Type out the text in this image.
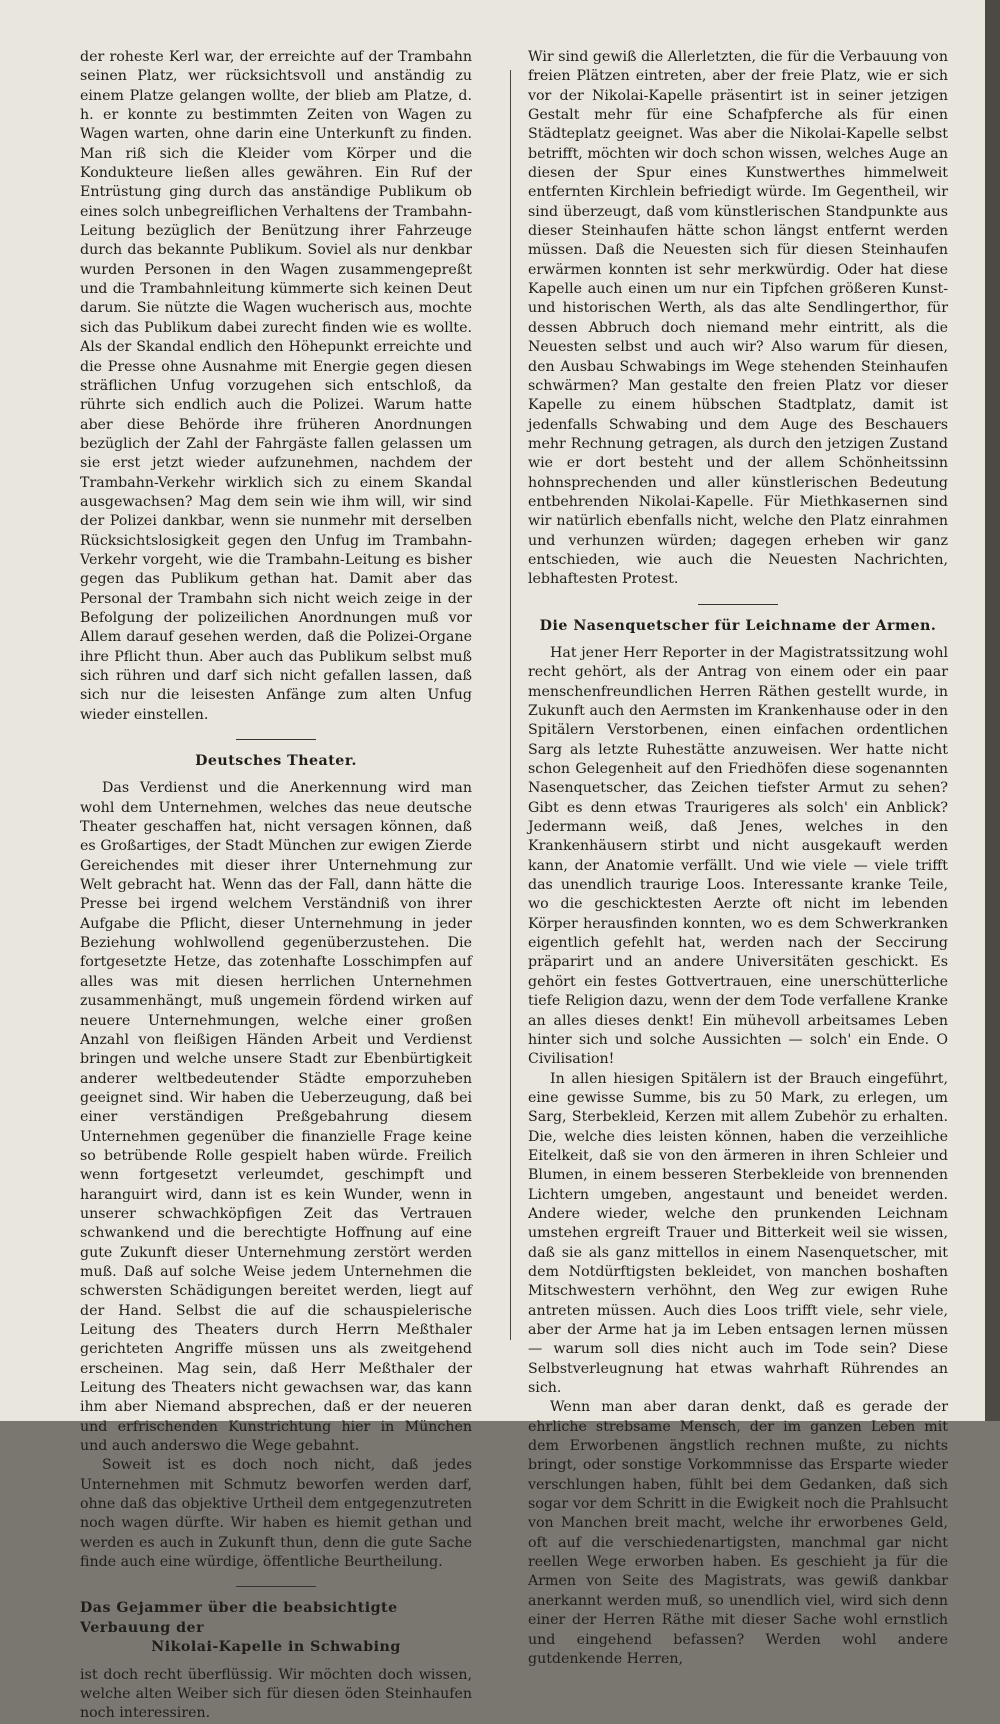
der roheste Kerl war, der erreichte auf der Trambahn seinen Platz, wer rücksichtsvoll und anständig zu einem Platze gelangen wollte, der blieb am Platze, d. h. er konnte zu bestimmten Zeiten von Wagen zu Wagen warten, ohne darin eine Unterkunft zu finden. Man riß sich die Kleider vom Körper und die Kondukteure ließen alles gewähren. Ein Ruf der Entrüstung ging durch das anständige Publikum ob eines solch unbegreiflichen Verhaltens der Trambahn-Leitung bezüglich der Benützung ihrer Fahrzeuge durch das bekannte Publikum. Soviel als nur denkbar wurden Personen in den Wagen zusammengepreßt und die Trambahnleitung kümmerte sich keinen Deut darum. Sie nützte die Wagen wucherisch aus, mochte sich das Publikum dabei zurecht finden wie es wollte. Als der Skandal endlich den Höhepunkt erreichte und die Presse ohne Ausnahme mit Energie gegen diesen sträflichen Unfug vorzugehen sich entschloß, da rührte sich endlich auch die Polizei. Warum hatte aber diese Behörde ihre früheren Anordnungen bezüglich der Zahl der Fahrgäste fallen gelassen um sie erst jetzt wieder aufzunehmen, nachdem der Trambahn-Verkehr wirklich sich zu einem Skandal ausgewachsen? Mag dem sein wie ihm will, wir sind der Polizei dankbar, wenn sie nunmehr mit derselben Rücksichtslosigkeit gegen den Unfug im Trambahn-Verkehr vorgeht, wie die Trambahn-Leitung es bisher gegen das Publikum gethan hat. Damit aber das Personal der Trambahn sich nicht weich zeige in der Befolgung der polizeilichen Anordnungen muß vor Allem darauf gesehen werden, daß die Polizei-Organe ihre Pflicht thun. Aber auch das Publikum selbst muß sich rühren und darf sich nicht gefallen lassen, daß sich nur die leisesten Anfänge zum alten Unfug wieder einstellen.

Deutsches Theater.

Das Verdienst und die Anerkennung wird man wohl dem Unternehmen, welches das neue deutsche Theater geschaffen hat, nicht versagen können, daß es Großartiges, der Stadt München zur ewigen Zierde Gereichendes mit dieser ihrer Unternehmung zur Welt gebracht hat. Wenn das der Fall, dann hätte die Presse bei irgend welchem Verständniß von ihrer Aufgabe die Pflicht, dieser Unternehmung in jeder Beziehung wohlwollend gegenüberzustehen. Die fortgesetzte Hetze, das zotenhafte Losschimpfen auf alles was mit diesen herrlichen Unternehmen zusammenhängt, muß ungemein fördend wirken auf neuere Unternehmungen, welche einer großen Anzahl von fleißigen Händen Arbeit und Verdienst bringen und welche unsere Stadt zur Ebenbürtigkeit anderer weltbedeutender Städte emporzuheben geeignet sind. Wir haben die Ueberzeugung, daß bei einer verständigen Preßgebahrung diesem Unternehmen gegenüber die finanzielle Frage keine so betrübende Rolle gespielt haben würde. Freilich wenn fortgesetzt verleumdet, geschimpft und haranguirt wird, dann ist es kein Wunder, wenn in unserer schwachköpfigen Zeit das Vertrauen schwankend und die berechtigte Hoffnung auf eine gute Zukunft dieser Unternehmung zerstört werden muß. Daß auf solche Weise jedem Unternehmen die schwersten Schädigungen bereitet werden, liegt auf der Hand. Selbst die auf die schauspielerische Leitung des Theaters durch Herrn Meßthaler gerichteten Angriffe müssen uns als zweitgehend erscheinen. Mag sein, daß Herr Meßthaler der Leitung des Theaters nicht gewachsen war, das kann ihm aber Niemand absprechen, daß er der neueren und erfrischenden Kunstrichtung hier in München und auch anderswo die Wege gebahnt.

Soweit ist es doch noch nicht, daß jedes Unternehmen mit Schmutz beworfen werden darf, ohne daß das objektive Urtheil dem entgegenzutreten noch wagen dürfte. Wir haben es hiemit gethan und werden es auch in Zukunft thun, denn die gute Sache finde auch eine würdige, öffentliche Beurtheilung.

Das Gejammer über die beabsichtigte Verbauung der
Nikolai-Kapelle in Schwabing

ist doch recht überflüssig. Wir möchten doch wissen, welche alten Weiber sich für diesen öden Steinhaufen noch interessiren.

Wir sind gewiß die Allerletzten, die für die Verbauung von freien Plätzen eintreten, aber der freie Platz, wie er sich vor der Nikolai-Kapelle präsentirt ist in seiner jetzigen Gestalt mehr für eine Schafpferche als für einen Städteplatz geeignet. Was aber die Nikolai-Kapelle selbst betrifft, möchten wir doch schon wissen, welches Auge an diesen der Spur eines Kunstwerthes himmelweit entfernten Kirchlein befriedigt würde. Im Gegentheil, wir sind überzeugt, daß vom künstlerischen Standpunkte aus dieser Steinhaufen hätte schon längst entfernt werden müssen. Daß die Neuesten sich für diesen Steinhaufen erwärmen konnten ist sehr merkwürdig. Oder hat diese Kapelle auch einen um nur ein Tipfchen größeren Kunst- und historischen Werth, als das alte Sendlingerthor, für dessen Abbruch doch niemand mehr eintritt, als die Neuesten selbst und auch wir? Also warum für diesen, den Ausbau Schwabings im Wege stehenden Steinhaufen schwärmen? Man gestalte den freien Platz vor dieser Kapelle zu einem hübschen Stadtplatz, damit ist jedenfalls Schwabing und dem Auge des Beschauers mehr Rechnung getragen, als durch den jetzigen Zustand wie er dort besteht und der allem Schönheitssinn hohnsprechenden und aller künstlerischen Bedeutung entbehrenden Nikolai-Kapelle. Für Miethkasernen sind wir natürlich ebenfalls nicht, welche den Platz einrahmen und verhunzen würden; dagegen erheben wir ganz entschieden, wie auch die Neuesten Nachrichten, lebhaftesten Protest.

Die Nasenquetscher für Leichname der Armen.

Hat jener Herr Reporter in der Magistratssitzung wohl recht gehört, als der Antrag von einem oder ein paar menschenfreundlichen Herren Räthen gestellt wurde, in Zukunft auch den Aermsten im Krankenhause oder in den Spitälern Verstorbenen, einen einfachen ordentlichen Sarg als letzte Ruhestätte anzuweisen. Wer hatte nicht schon Gelegenheit auf den Friedhöfen diese sogenannten Nasenquetscher, das Zeichen tiefster Armut zu sehen? Gibt es denn etwas Traurigeres als solch' ein Anblick? Jedermann weiß, daß Jenes, welches in den Krankenhäusern stirbt und nicht ausgekauft werden kann, der Anatomie verfällt. Und wie viele — viele trifft das unendlich traurige Loos. Interessante kranke Teile, wo die geschicktesten Aerzte oft nicht im lebenden Körper herausfinden konnten, wo es dem Schwerkranken eigentlich gefehlt hat, werden nach der Seccirung präparirt und an andere Universitäten geschickt. Es gehört ein festes Gottvertrauen, eine unerschütterliche tiefe Religion dazu, wenn der dem Tode verfallene Kranke an alles dieses denkt! Ein mühevoll arbeitsames Leben hinter sich und solche Aussichten — solch' ein Ende. O Civilisation!

In allen hiesigen Spitälern ist der Brauch eingeführt, eine gewisse Summe, bis zu 50 Mark, zu erlegen, um Sarg, Sterbekleid, Kerzen mit allem Zubehör zu erhalten. Die, welche dies leisten können, haben die verzeihliche Eitelkeit, daß sie von den ärmeren in ihren Schleier und Blumen, in einem besseren Sterbekleide von brennenden Lichtern umgeben, angestaunt und beneidet werden. Andere wieder, welche den prunkenden Leichnam umstehen ergreift Trauer und Bitterkeit weil sie wissen, daß sie als ganz mittellos in einem Nasenquetscher, mit dem Notdürftigsten bekleidet, von manchen boshaften Mitschwestern verhöhnt, den Weg zur ewigen Ruhe antreten müssen. Auch dies Loos trifft viele, sehr viele, aber der Arme hat ja im Leben entsagen lernen müssen — warum soll dies nicht auch im Tode sein? Diese Selbstverleugnung hat etwas wahrhaft Rührendes an sich.

Wenn man aber daran denkt, daß es gerade der ehrliche strebsame Mensch, der im ganzen Leben mit dem Erworbenen ängstlich rechnen mußte, zu nichts bringt, oder sonstige Vorkommnisse das Ersparte wieder verschlungen haben, fühlt bei dem Gedanken, daß sich sogar vor dem Schritt in die Ewigkeit noch die Prahlsucht von Manchen breit macht, welche ihr erworbenes Geld, oft auf die verschiedenartigsten, manchmal gar nicht reellen Wege erworben haben. Es geschieht ja für die Armen von Seite des Magistrats, was gewiß dankbar anerkannt werden muß, so unendlich viel, wird sich denn einer der Herren Räthe mit dieser Sache wohl ernstlich und eingehend befassen? Werden wohl andere gutdenkende Herren,
